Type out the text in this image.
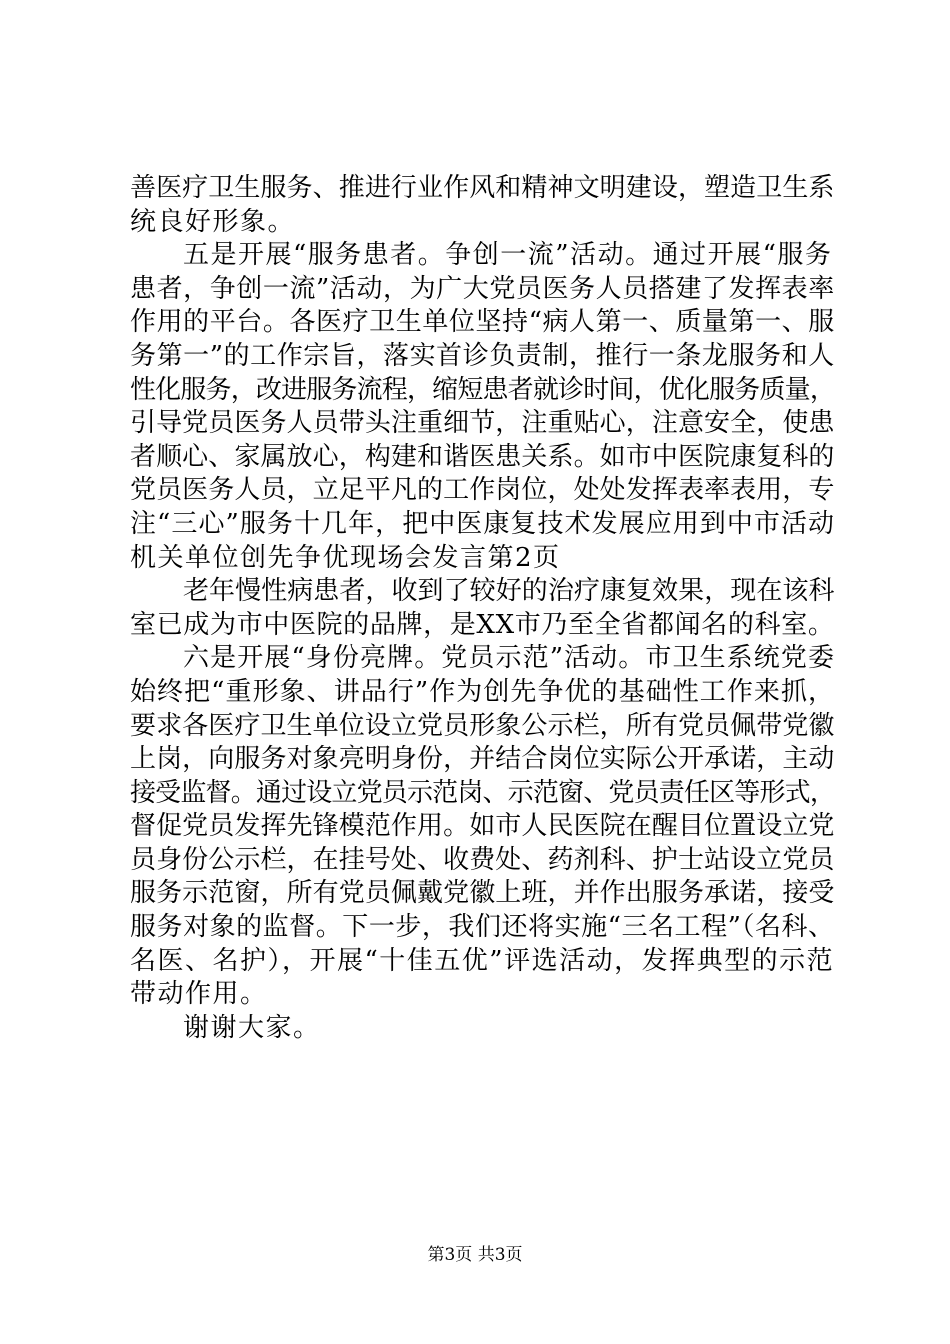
善医疗卫生服务、推进行业作风和精神文明建设，塑造卫生系
统良好形象。
五是开展“服务患者。争创一流”活动。通过开展“服务
患者，争创一流”活动，为广大党员医务人员搭建了发挥表率
作用的平台。各医疗卫生单位坚持“病人第一、质量第一、服
务第一”的工作宗旨，落实首诊负责制，推行一条龙服务和人
性化服务，改进服务流程，缩短患者就诊时间，优化服务质量，
引导党员医务人员带头注重细节，注重贴心，注意安全，使患
者顺心、家属放心，构建和谐医患关系。如市中医院康复科的
党员医务人员，立足平凡的工作岗位，处处发挥表率表用，专
注“三心”服务十几年，把中医康复技术发展应用到中市活动
机关单位创先争优现场会发言第2页
老年慢性病患者，收到了较好的治疗康复效果，现在该科
室已成为市中医院的品牌，是XX市乃至全省都闻名的科室。
六是开展“身份亮牌。党员示范”活动。市卫生系统党委
始终把“重形象、讲品行”作为创先争优的基础性工作来抓，
要求各医疗卫生单位设立党员形象公示栏，所有党员佩带党徽
上岗，向服务对象亮明身份，并结合岗位实际公开承诺，主动
接受监督。通过设立党员示范岗、示范窗、党员责任区等形式，
督促党员发挥先锋模范作用。如市人民医院在醒目位置设立党
员身份公示栏，在挂号处、收费处、药剂科、护士站设立党员
服务示范窗，所有党员佩戴党徽上班，并作出服务承诺，接受
服务对象的监督。下一步，我们还将实施“三名工程”（名科、
名医、名护），开展“十佳五优”评选活动，发挥典型的示范
带动作用。
谢谢大家。
第3页 共3页
